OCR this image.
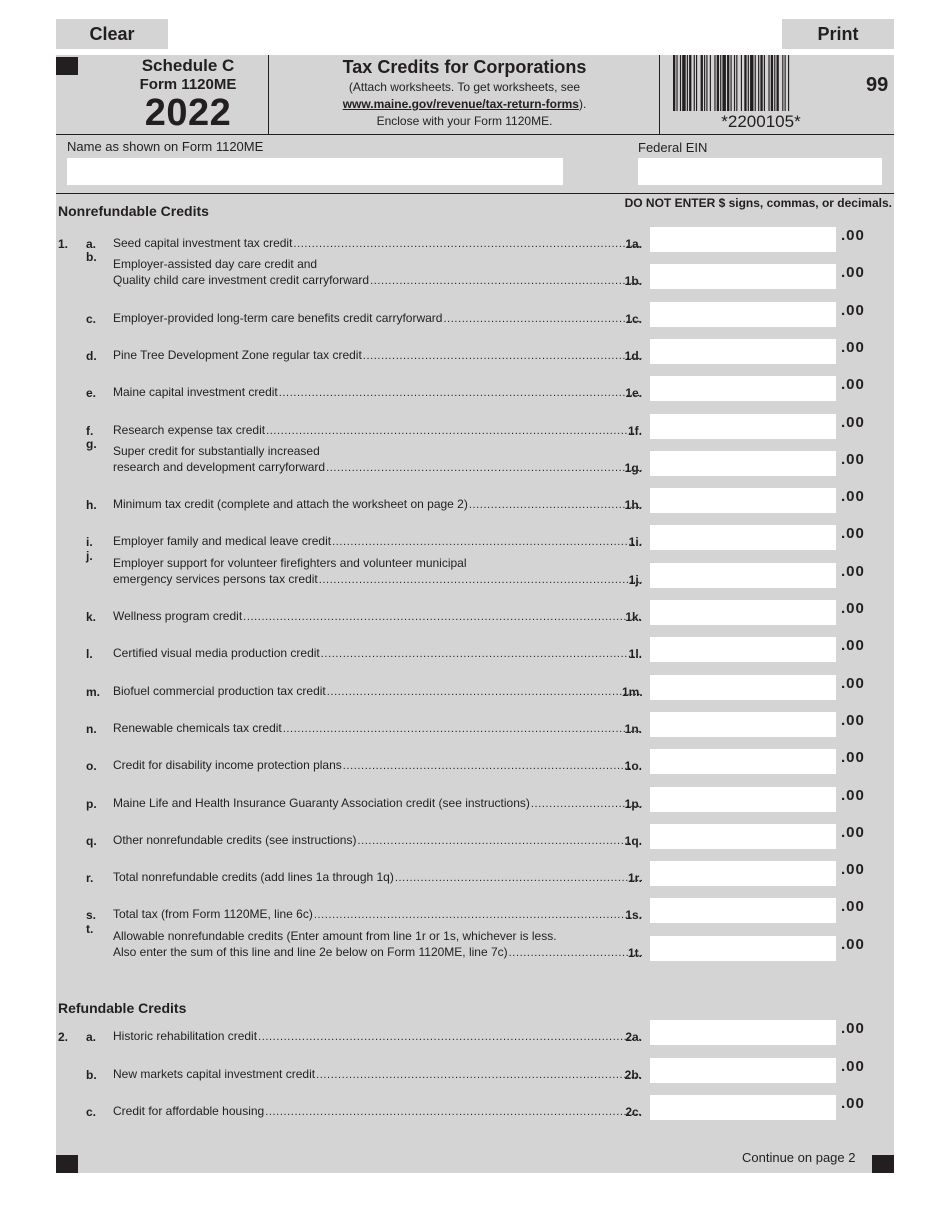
Clear	Print
Schedule C
Form 1120ME
2022
Tax Credits for Corporations
(Attach worksheets. To get worksheets, see
www.maine.gov/revenue/tax-return-forms).
Enclose with your Form 1120ME.	*2200105*
99
Name as shown on Form 1120ME	Federal EIN
Nonrefundable Credits	DO NOT ENTER $ signs, commas, or decimals.
1. a. Seed capital investment tax credit .....	1a.	.00
b. Employer-assisted day care credit and
Quality child care investment credit carryforward .....	1b.	.00
c. Employer-provided long-term care benefits credit carryforward .....	1c.	.00
d. Pine Tree Development Zone regular tax credit .....	1d.	.00
e. Maine capital investment credit .....	1e.	.00
f. Research expense tax credit .....	1f.	.00
g. Super credit for substantially increased
research and development carryforward .....	1g.	.00
h. Minimum tax credit (complete and attach the worksheet on page 2) .....	1h.	.00
i. Employer family and medical leave credit .....	1i.	.00
j. Employer support for volunteer firefighters and volunteer municipal
emergency services persons tax credit .....	1j.	.00
k. Wellness program credit .....	1k.	.00
l. Certified visual media production credit .....	1l.	.00
m. Biofuel commercial production tax credit .....	1m.	.00
n. Renewable chemicals tax credit .....	1n.	.00
o. Credit for disability income protection plans .....	1o.	.00
p. Maine Life and Health Insurance Guaranty Association credit (see instructions) .....	1p.	.00
q. Other nonrefundable credits (see instructions) .....	1q.	.00
r. Total nonrefundable credits (add lines 1a through 1q) .....	1r.	.00
s. Total tax (from Form 1120ME, line 6c) .....	1s.	.00
t. Allowable nonrefundable credits (Enter amount from line 1r or 1s, whichever is less.
Also enter the sum of this line and line 2e below on Form 1120ME, line 7c) .....	1t.	.00
Refundable Credits
2. a. Historic rehabilitation credit .....	2a.	.00
b. New markets capital investment credit .....	2b.	.00
c. Credit for affordable housing .....	2c.	.00
Continue on page 2
